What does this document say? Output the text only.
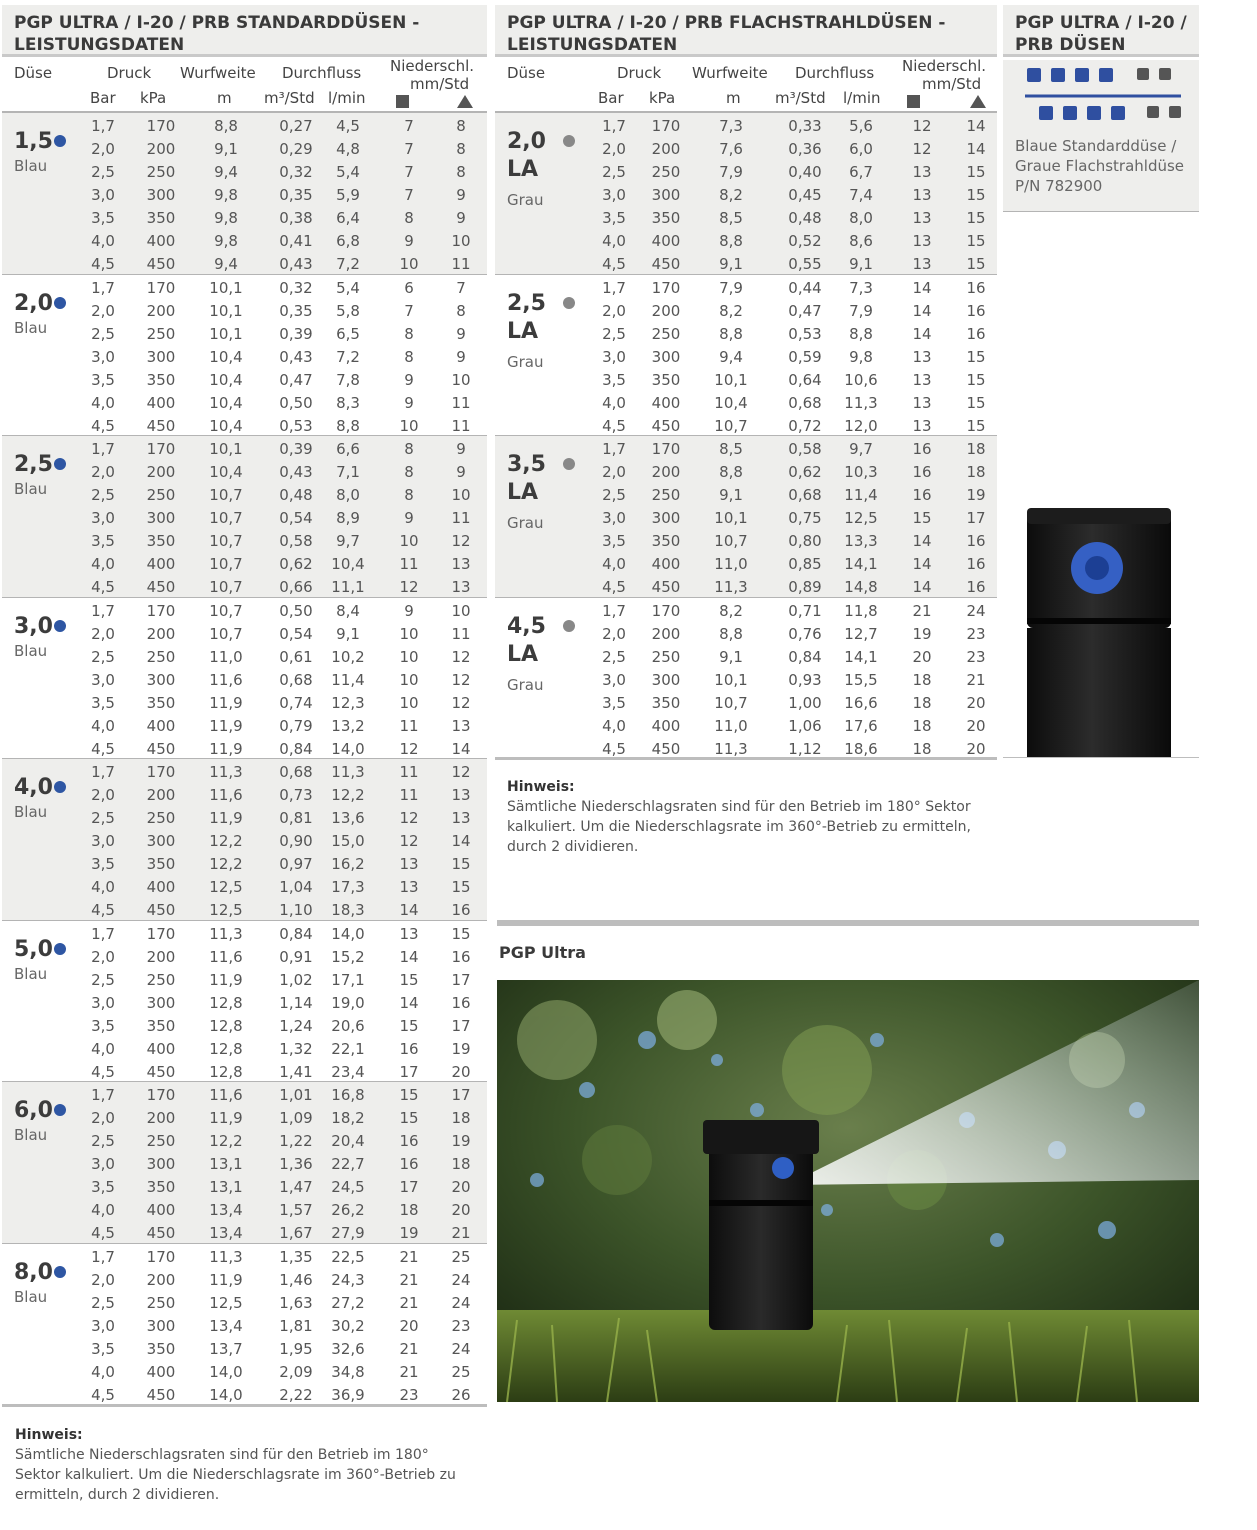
PGP ULTRA / I-20 / PRB STANDARDDÜSEN -
LEISTUNGSDATEN
Düse	Druck Wurfweite Durchfluss Niederschl.
mm/Std
Bar kPa	m m³/Std l/min
1,5
Blau
1,7	170	8,8	0,27	4,5	7	8
2,0	200	9,1	0,29	4,8	7	8
2,5	250	9,4	0,32	5,4	7	8
3,0	300	9,8	0,35	5,9	7	9
3,5	350	9,8	0,38	6,4	8	9
4,0	400	9,8	0,41	6,8	9	10
4,5	450	9,4	0,43	7,2	10	11
2,0
Blau
1,7	170	10,1	0,32	5,4	6	7
2,0	200	10,1	0,35	5,8	7	8
2,5	250	10,1	0,39	6,5	8	9
3,0	300	10,4	0,43	7,2	8	9
3,5	350	10,4	0,47	7,8	9	10
4,0	400	10,4	0,50	8,3	9	11
4,5	450	10,4	0,53	8,8	10	11
2,5
Blau
1,7	170	10,1	0,39	6,6	8	9
2,0	200	10,4	0,43	7,1	8	9
2,5	250	10,7	0,48	8,0	8	10
3,0	300	10,7	0,54	8,9	9	11
3,5	350	10,7	0,58	9,7	10	12
4,0	400	10,7	0,62	10,4	11	13
4,5	450	10,7	0,66	11,1	12	13
3,0
Blau
1,7	170	10,7	0,50	8,4	9	10
2,0	200	10,7	0,54	9,1	10	11
2,5	250	11,0	0,61	10,2	10	12
3,0	300	11,6	0,68	11,4	10	12
3,5	350	11,9	0,74	12,3	10	12
4,0	400	11,9	0,79	13,2	11	13
4,5	450	11,9	0,84	14,0	12	14
4,0
Blau
1,7	170	11,3	0,68	11,3	11	12
2,0	200	11,6	0,73	12,2	11	13
2,5	250	11,9	0,81	13,6	12	13
3,0	300	12,2	0,90	15,0	12	14
3,5	350	12,2	0,97	16,2	13	15
4,0	400	12,5	1,04	17,3	13	15
4,5	450	12,5	1,10	18,3	14	16
5,0
Blau
1,7	170	11,3	0,84	14,0	13	15
2,0	200	11,6	0,91	15,2	14	16
2,5	250	11,9	1,02	17,1	15	17
3,0	300	12,8	1,14	19,0	14	16
3,5	350	12,8	1,24	20,6	15	17
4,0	400	12,8	1,32	22,1	16	19
4,5	450	12,8	1,41	23,4	17	20
6,0
Blau
1,7	170	11,6	1,01	16,8	15	17
2,0	200	11,9	1,09	18,2	15	18
2,5	250	12,2	1,22	20,4	16	19
3,0	300	13,1	1,36	22,7	16	18
3,5	350	13,1	1,47	24,5	17	20
4,0	400	13,4	1,57	26,2	18	20
4,5	450	13,4	1,67	27,9	19	21
8,0
Blau
1,7	170	11,3	1,35	22,5	21	25
2,0	200	11,9	1,46	24,3	21	24
2,5	250	12,5	1,63	27,2	21	24
3,0	300	13,4	1,81	30,2	20	23
3,5	350	13,7	1,95	32,6	21	24
4,0	400	14,0	2,09	34,8	21	25
4,5	450	14,0	2,22	36,9	23	26
Hinweis:
Sämtliche Niederschlagsraten sind für den Betrieb im 180°
Sektor kalkuliert. Um die Niederschlagsrate im 360°-Betrieb zu
ermitteln, durch 2 dividieren.
PGP ULTRA / I-20 / PRB FLACHSTRAHLDÜSEN -
LEISTUNGSDATEN
Düse	Druck Wurfweite Durchfluss Niederschl.
mm/Std
Bar kPa	m m³/Std l/min
2,0
LA
Grau
1,7	170	7,3	0,33	5,6	12	14
2,0	200	7,6	0,36	6,0	12	14
2,5	250	7,9	0,40	6,7	13	15
3,0	300	8,2	0,45	7,4	13	15
3,5	350	8,5	0,48	8,0	13	15
4,0	400	8,8	0,52	8,6	13	15
4,5	450	9,1	0,55	9,1	13	15
2,5
LA
Grau
1,7	170	7,9	0,44	7,3	14	16
2,0	200	8,2	0,47	7,9	14	16
2,5	250	8,8	0,53	8,8	14	16
3,0	300	9,4	0,59	9,8	13	15
3,5	350	10,1	0,64	10,6	13	15
4,0	400	10,4	0,68	11,3	13	15
4,5	450	10,7	0,72	12,0	13	15
3,5
LA
Grau
1,7	170	8,5	0,58	9,7	16	18
2,0	200	8,8	0,62	10,3	16	18
2,5	250	9,1	0,68	11,4	16	19
3,0	300	10,1	0,75	12,5	15	17
3,5	350	10,7	0,80	13,3	14	16
4,0	400	11,0	0,85	14,1	14	16
4,5	450	11,3	0,89	14,8	14	16
4,5
LA
Grau
1,7	170	8,2	0,71	11,8	21	24
2,0	200	8,8	0,76	12,7	19	23
2,5	250	9,1	0,84	14,1	20	23
3,0	300	10,1	0,93	15,5	18	21
3,5	350	10,7	1,00	16,6	18	20
4,0	400	11,0	1,06	17,6	18	20
4,5	450	11,3	1,12	18,6	18	20
Hinweis:
Sämtliche Niederschlagsraten sind für den Betrieb im 180° Sektor
kalkuliert. Um die Niederschlagsrate im 360°-Betrieb zu ermitteln,
durch 2 dividieren.
PGP Ultra
PGP ULTRA / I-20 /
PRB DÜSEN
Blaue Standarddüse /
Graue Flachstrahldüse
P/N 782900
